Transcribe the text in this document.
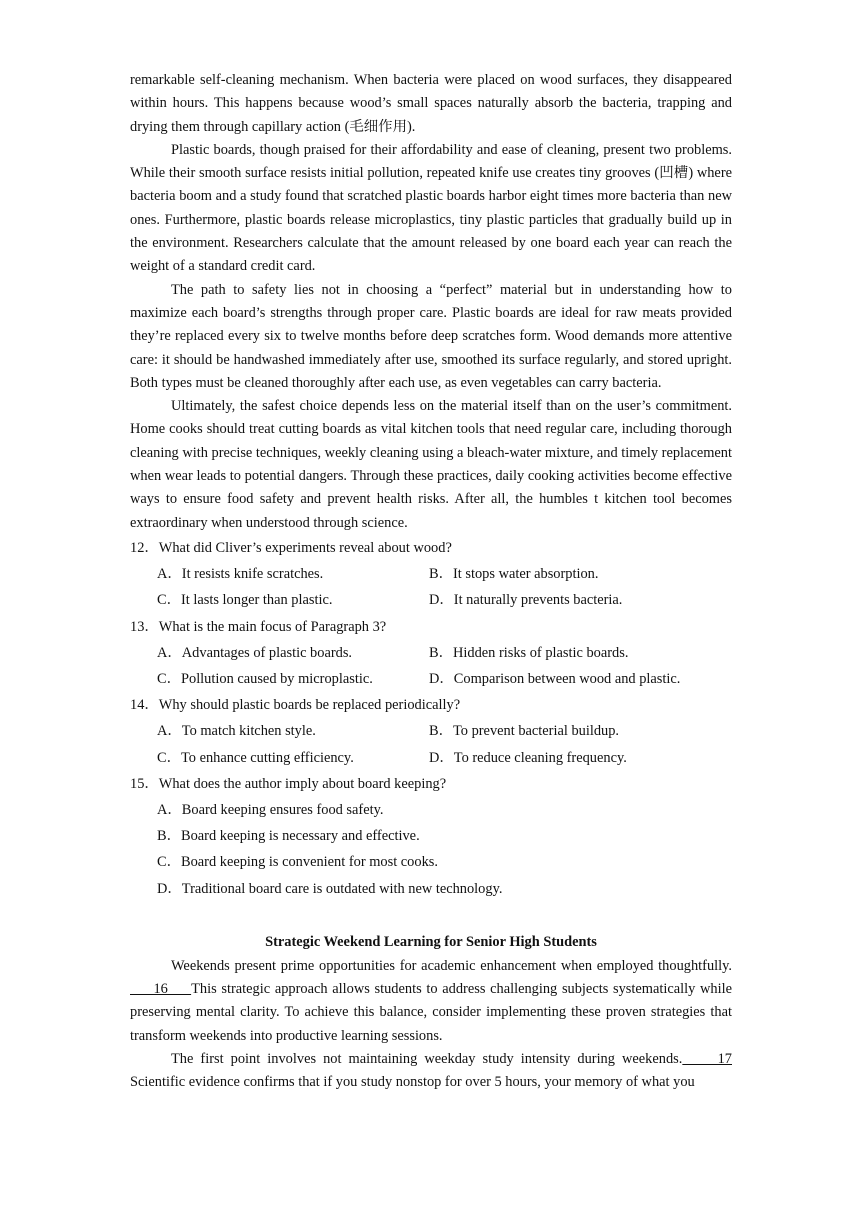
remarkable self-cleaning mechanism. When bacteria were placed on wood surfaces, they disappeared within hours. This happens because wood’s small spaces naturally absorb the bacteria, trapping and drying them through capillary action (毛细作用).

Plastic boards, though praised for their affordability and ease of cleaning, present two problems. While their smooth surface resists initial pollution, repeated knife use creates tiny grooves (凹槽) where bacteria boom and a study found that scratched plastic boards harbor eight times more bacteria than new ones. Furthermore, plastic boards release microplastics, tiny plastic particles that gradually build up in the environment. Researchers calculate that the amount released by one board each year can reach the weight of a standard credit card.

The path to safety lies not in choosing a “perfect” material but in understanding how to maximize each board’s strengths through proper care. Plastic boards are ideal for raw meats provided they’re replaced every six to twelve months before deep scratches form. Wood demands more attentive care: it should be handwashed immediately after use, smoothed its surface regularly, and stored upright. Both types must be cleaned thoroughly after each use, as even vegetables can carry bacteria.

Ultimately, the safest choice depends less on the material itself than on the user’s commitment. Home cooks should treat cutting boards as vital kitchen tools that need regular care, including thorough cleaning with precise techniques, weekly cleaning using a bleach-water mixture, and timely replacement when wear leads to potential dangers. Through these practices, daily cooking activities become effective ways to ensure food safety and prevent health risks. After all, the humbles t kitchen tool becomes extraordinary when understood through science.

12．What did Cliver’s experiments reveal about wood?
A．It resists knife scratches.	B．It stops water absorption.
C．It lasts longer than plastic.	D．It naturally prevents bacteria.
13．What is the main focus of Paragraph 3?
A．Advantages of plastic boards.	B．Hidden risks of plastic boards.
C．Pollution caused by microplastic.	D．Comparison between wood and plastic.
14．Why should plastic boards be replaced periodically?
A．To match kitchen style.	B．To prevent bacterial buildup.
C．To enhance cutting efficiency.	D．To reduce cleaning frequency.
15．What does the author imply about board keeping?
A．Board keeping ensures food safety.
B．Board keeping is necessary and effective.
C．Board keeping is convenient for most cooks.
D．Traditional board care is outdated with new technology.
Strategic Weekend Learning for Senior High Students

Weekends present prime opportunities for academic enhancement when employed thoughtfully.     16     This strategic approach allows students to address challenging subjects systematically while preserving mental clarity. To achieve this balance, consider implementing these proven strategies that transform weekends into productive learning sessions.

The first point involves not maintaining weekday study intensity during weekends.     17 Scientific evidence confirms that if you study nonstop for over 5 hours, your memory of what you
